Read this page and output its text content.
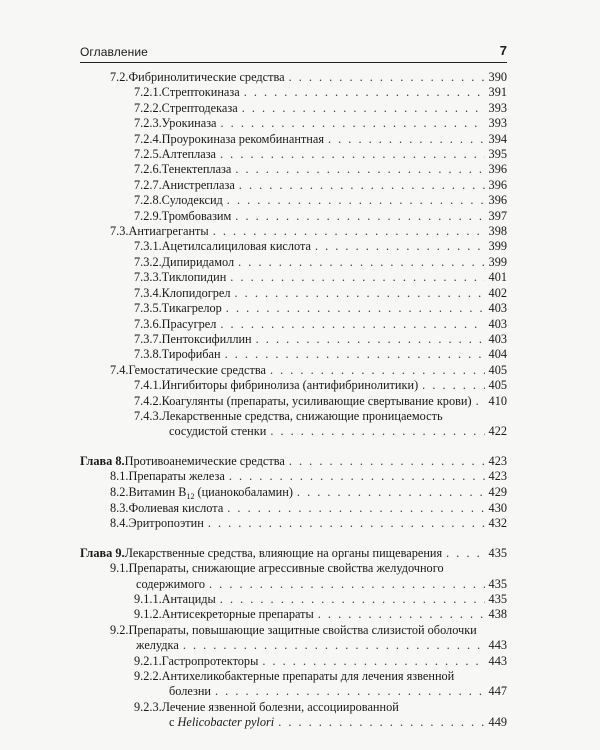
Оглавление	7
7.2. Фибринолитические средства . . .	390
7.2.1. Стрептокиназа . . .	391
7.2.2. Стрептодеказа . . .	393
7.2.3. Урокиназа . . .	393
7.2.4. Проурокиназа рекомбинантная . . .	394
7.2.5. Алтеплаза . . .	395
7.2.6. Тенектеплаза . . .	396
7.2.7. Анистреплаза . . .	396
7.2.8. Сулодексид . . .	396
7.2.9. Тромбовазим . . .	397
7.3. Антиагреганты . . .	398
7.3.1. Ацетилсалициловая кислота . . .	399
7.3.2. Дипиридамол . . .	399
7.3.3. Тиклопидин . . .	401
7.3.4. Клопидогрел . . .	402
7.3.5. Тикагрелор . . .	403
7.3.6. Прасугрел . . .	403
7.3.7. Пентоксифиллин . . .	403
7.3.8. Тирофибан . . .	404
7.4. Гемостатические средства . . .	405
7.4.1. Ингибиторы фибринолиза (антифибринолитики) . . .	405
7.4.2. Коагулянты (препараты, усиливающие свертывание крови) . . . 410
7.4.3. Лекарственные средства, снижающие проницаемость
сосудистой стенки . . .	422
Глава 8. Противоанемические средства . . .	423
8.1. Препараты железа . . .	423
8.2. Витамин $B_{12}$ (цианокобаламин) . . .	429
8.3. Фолиевая кислота . . .	430
8.4. Эритропоэтин . . .	432
Глава 9. Лекарственные средства, влияющие на органы пищеварения . . .	435
9.1. Препараты, снижающие агрессивные свойства желудочного
содержимого . . .	435
9.1.1. Антациды . . .	435
9.1.2. Антисекреторные препараты . . .	438
9.2. Препараты, повышающие защитные свойства слизистой оболочки
желудка . . .	443
9.2.1. Гастропротекторы . . .	443
9.2.2. Антихеликобактерные препараты для лечения язвенной
болезни . . .	447
9.2.3. Лечение язвенной болезни, ассоциированной
с Helicobacter pylori . . .	449
